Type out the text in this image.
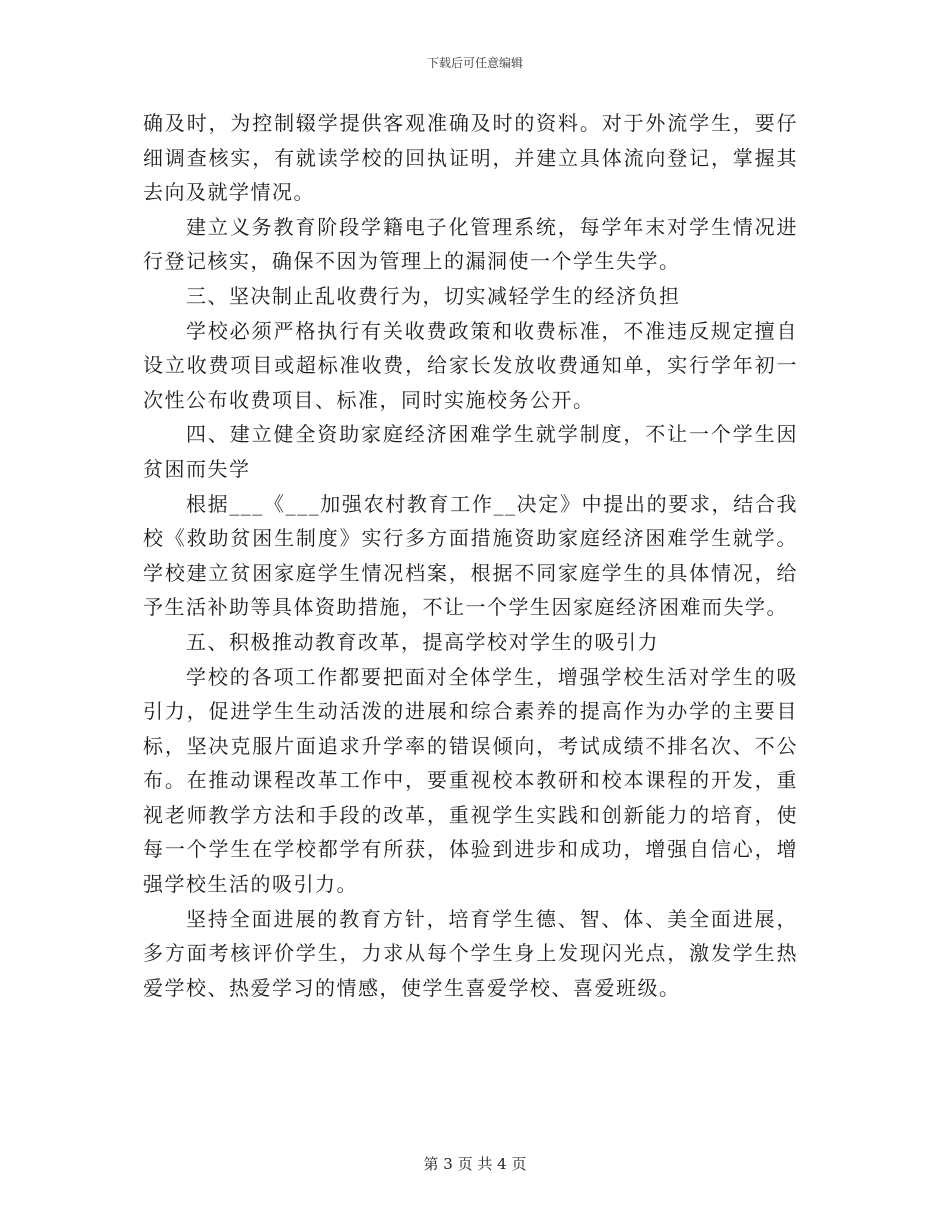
下载后可任意编辑

确及时，为控制辍学提供客观准确及时的资料。对于外流学生，要仔细调查核实，有就读学校的回执证明，并建立具体流向登记，掌握其去向及就学情况。

建立义务教育阶段学籍电子化管理系统，每学年末对学生情况进行登记核实，确保不因为管理上的漏洞使一个学生失学。

三、坚决制止乱收费行为，切实减轻学生的经济负担

学校必须严格执行有关收费政策和收费标准，不准违反规定擅自设立收费项目或超标准收费，给家长发放收费通知单，实行学年初一次性公布收费项目、标准，同时实施校务公开。

四、建立健全资助家庭经济困难学生就学制度，不让一个学生因贫困而失学

根据___《___加强农村教育工作__决定》中提出的要求，结合我校《救助贫困生制度》实行多方面措施资助家庭经济困难学生就学。学校建立贫困家庭学生情况档案，根据不同家庭学生的具体情况，给予生活补助等具体资助措施，不让一个学生因家庭经济困难而失学。

五、积极推动教育改革，提高学校对学生的吸引力

学校的各项工作都要把面对全体学生，增强学校生活对学生的吸引力，促进学生生动活泼的进展和综合素养的提高作为办学的主要目标，坚决克服片面追求升学率的错误倾向，考试成绩不排名次、不公布。在推动课程改革工作中，要重视校本教研和校本课程的开发，重视老师教学方法和手段的改革，重视学生实践和创新能力的培育，使每一个学生在学校都学有所获，体验到进步和成功，增强自信心，增强学校生活的吸引力。

坚持全面进展的教育方针，培育学生德、智、体、美全面进展，多方面考核评价学生，力求从每个学生身上发现闪光点，激发学生热爱学校、热爱学习的情感，使学生喜爱学校、喜爱班级。

第 3 页 共 4 页
